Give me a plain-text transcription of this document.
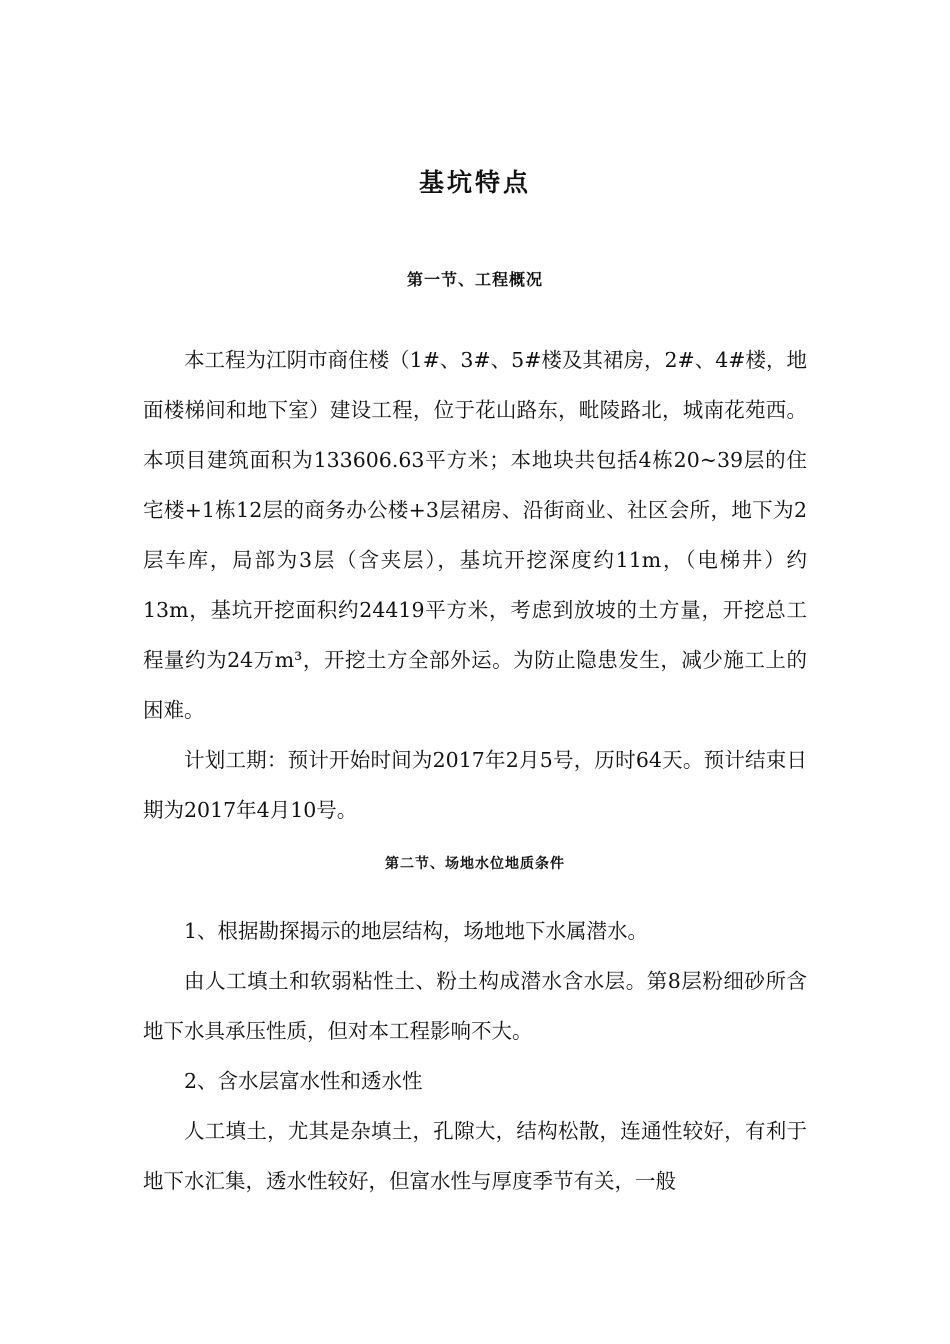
基坑特点
第一节、工程概况

本工程为江阴市商住楼（1#、3#、5#楼及其裙房，2#、4#楼，地面楼梯间和地下室）建设工程，位于花山路东，毗陵路北，城南花苑西。本项目建筑面积为133606.63平方米；本地块共包括4栋20~39层的住宅楼+1栋12层的商务办公楼+3层裙房、沿街商业、社区会所，地下为2层车库，局部为3层（含夹层），基坑开挖深度约11m，（电梯井）约13m，基坑开挖面积约24419平方米，考虑到放坡的土方量，开挖总工程量约为24万m³，开挖土方全部外运。为防止隐患发生，减少施工上的困难。

计划工期：预计开始时间为2017年2月5号，历时64天。预计结束日期为2017年4月10号。

第二节、场地水位地质条件

1、根据勘探揭示的地层结构，场地地下水属潜水。

由人工填土和软弱粘性土、粉土构成潜水含水层。第8层粉细砂所含地下水具承压性质，但对本工程影响不大。

2、含水层富水性和透水性

人工填土，尤其是杂填土，孔隙大，结构松散，连通性较好，有利于地下水汇集，透水性较好，但富水性与厚度季节有关，一般
